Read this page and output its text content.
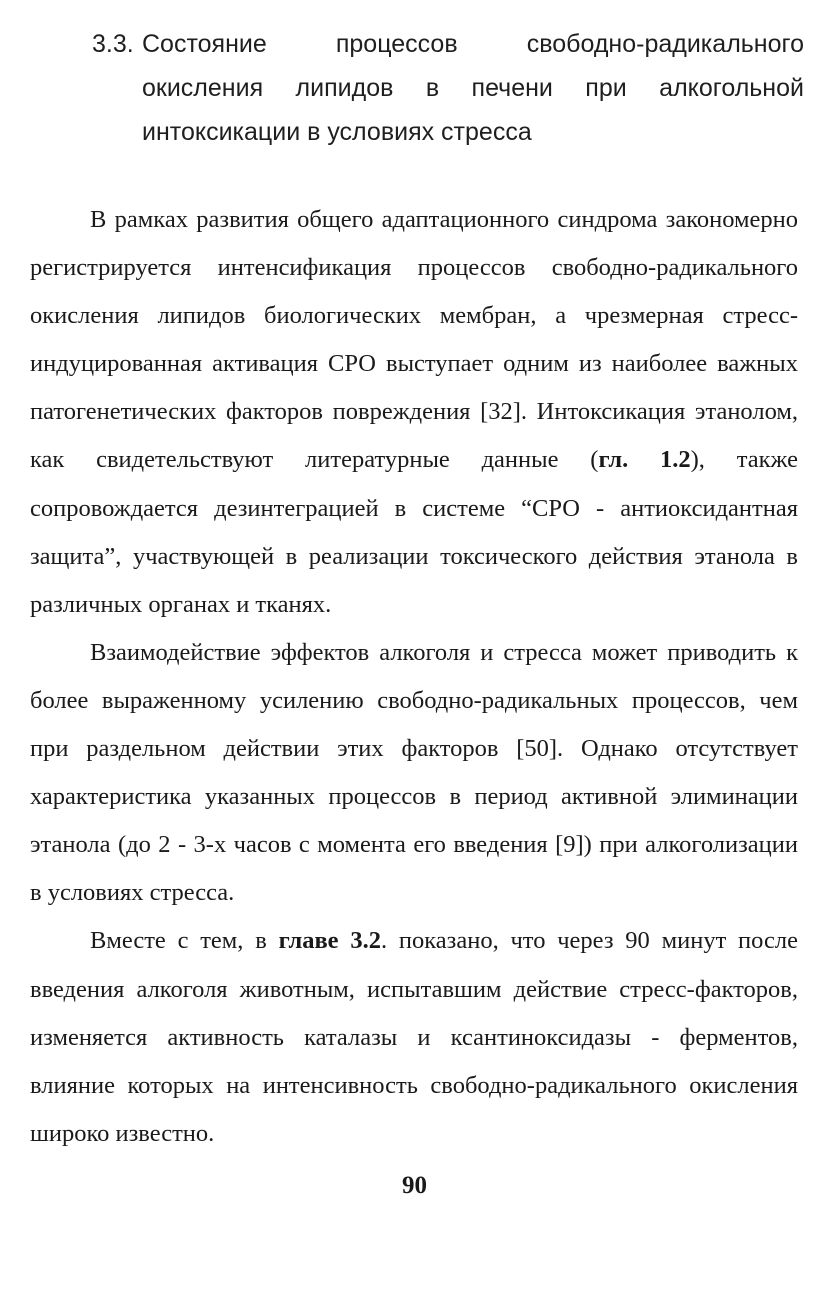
3.3. Состояние процессов свободно-радикального окисления липидов в печени при алкогольной интоксикации в условиях стресса

В рамках развития общего адаптационного синдрома закономерно регистрируется интенсификация процессов свободно-радикального окисления липидов биологических мембран, а чрезмерная стресс-индуцированная активация СРО выступает одним из наиболее важных патогенетических факторов повреждения [32]. Интоксикация этанолом, как свидетельствуют литературные данные (гл. 1.2), также сопровождается дезинтеграцией в системе “СРО - антиоксидантная защита”, участвующей в реализации токсического действия этанола в различных органах и тканях.

Взаимодействие эффектов алкоголя и стресса может приводить к более выраженному усилению свободно-радикальных процессов, чем при раздельном действии этих факторов [50]. Однако отсутствует характеристика указанных процессов в период активной элиминации этанола (до 2 - 3-х часов с момента его введения [9]) при алкоголизации в условиях стресса.

Вместе с тем, в главе 3.2. показано, что через 90 минут после введения алкоголя животным, испытавшим действие стресс-факторов, изменяется активность каталазы и ксантиноксидазы - ферментов, влияние которых на интенсивность свободно-радикального окисления широко известно.

90
